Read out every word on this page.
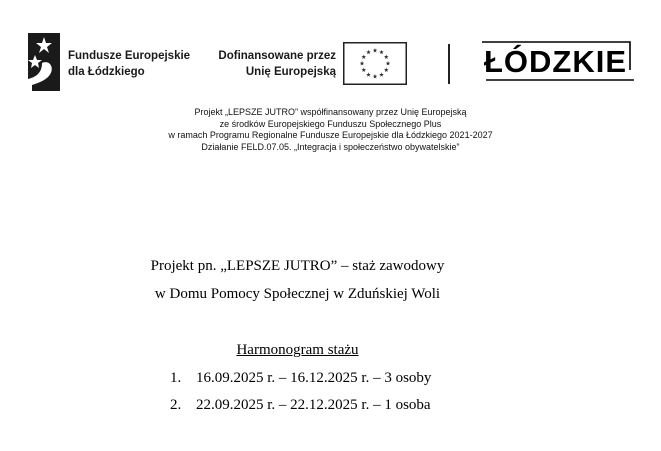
Fundusze Europejskie
dla Łódzkiego
Dofinansowane przez
Unię Europejską	ŁÓDZKIE
Projekt „LEPSZE JUTRO” współfinansowany przez Unię Europejską
ze środków Europejskiego Funduszu Społecznego Plus
w ramach Programu Regionalne Fundusze Europejskie dla Łódzkiego 2021-2027
Działanie FELD.07.05. „Integracja i społeczeństwo obywatelskie”
Projekt pn. „LEPSZE JUTRO” – staż zawodowy
w Domu Pomocy Społecznej w Zduńskiej Woli
Harmonogram stażu
1. 16.09.2025 r. – 16.12.2025 r. – 3 osoby
2. 22.09.2025 r. – 22.12.2025 r. – 1 osoba
